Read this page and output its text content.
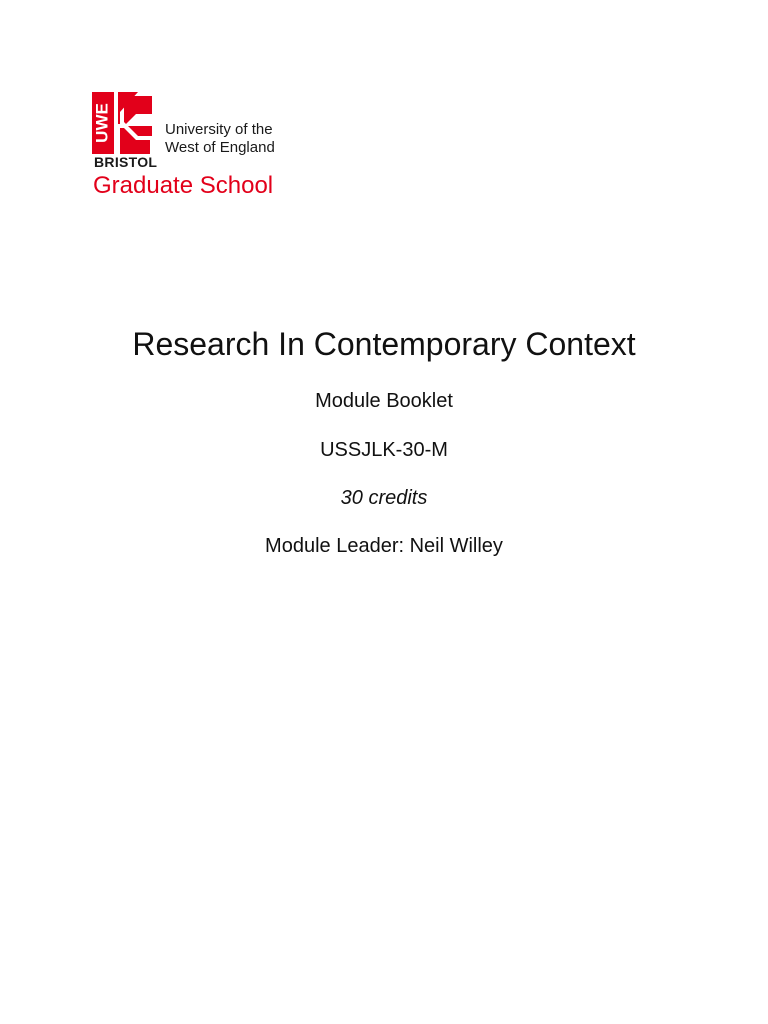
UWE
BRISTOL
University of the
West of England
Graduate School
Research In Contemporary Context

Module Booklet

USSJLK-30-M

30 credits

Module Leader: Neil Willey
